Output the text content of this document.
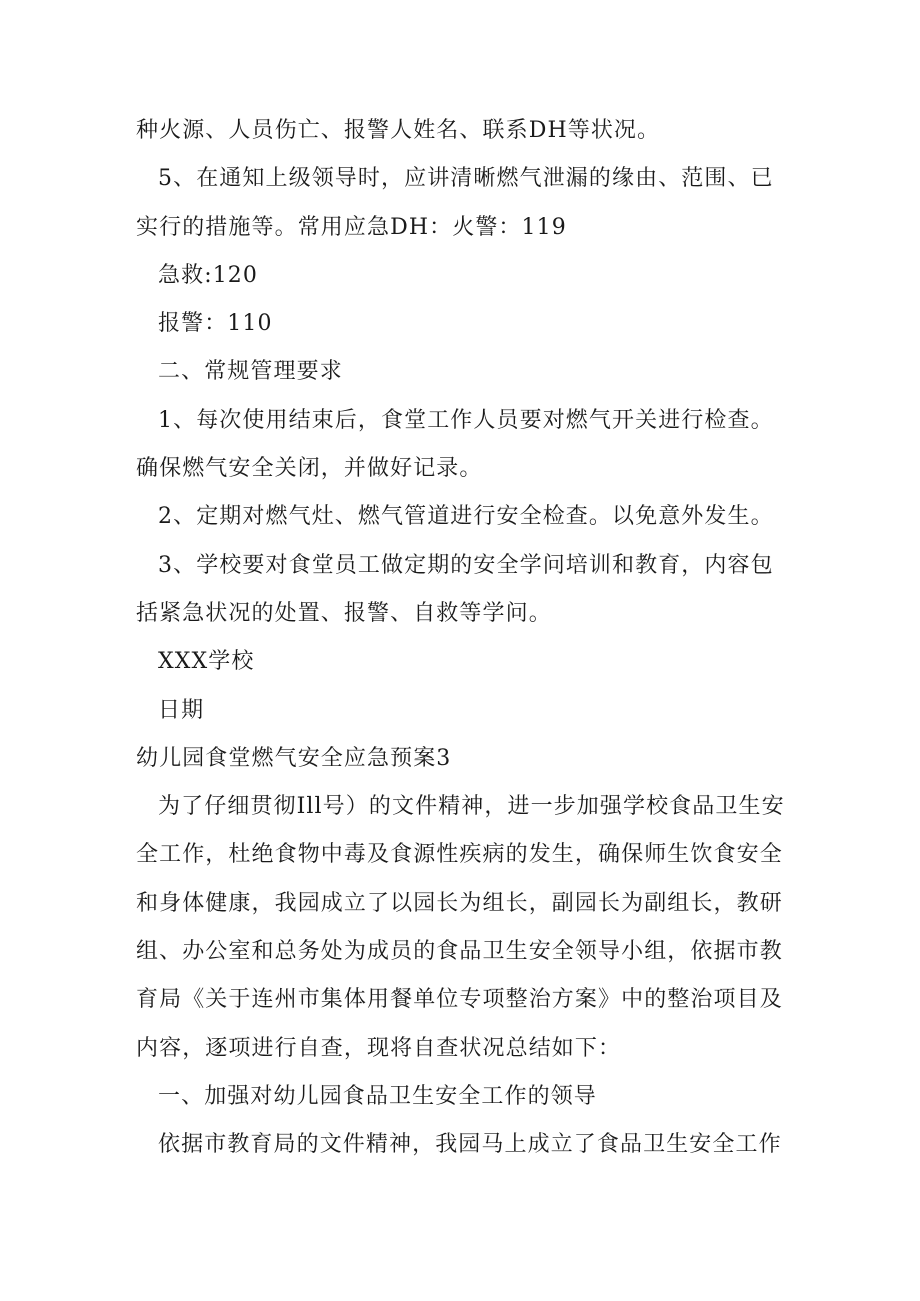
种火源、人员伤亡、报警人姓名、联系DH等状况。

5、在通知上级领导时，应讲清晰燃气泄漏的缘由、范围、已实行的措施等。常用应急DH：火警：119

急救:120

报警：110

二、常规管理要求

1、每次使用结束后，食堂工作人员要对燃气开关进行检查。确保燃气安全关闭，并做好记录。

2、定期对燃气灶、燃气管道进行安全检查。以免意外发生。

3、学校要对食堂员工做定期的安全学问培训和教育，内容包括紧急状况的处置、报警、自救等学问。

XXX学校

日期

幼儿园食堂燃气安全应急预案3

为了仔细贯彻Ill号）的文件精神，进一步加强学校食品卫生安全工作，杜绝食物中毒及食源性疾病的发生，确保师生饮食安全和身体健康，我园成立了以园长为组长，副园长为副组长，教研组、办公室和总务处为成员的食品卫生安全领导小组，依据市教育局《关于连州市集体用餐单位专项整治方案》中的整治项目及内容，逐项进行自查，现将自查状况总结如下：

一、加强对幼儿园食品卫生安全工作的领导

依据市教育局的文件精神，我园马上成立了食品卫生安全工作
